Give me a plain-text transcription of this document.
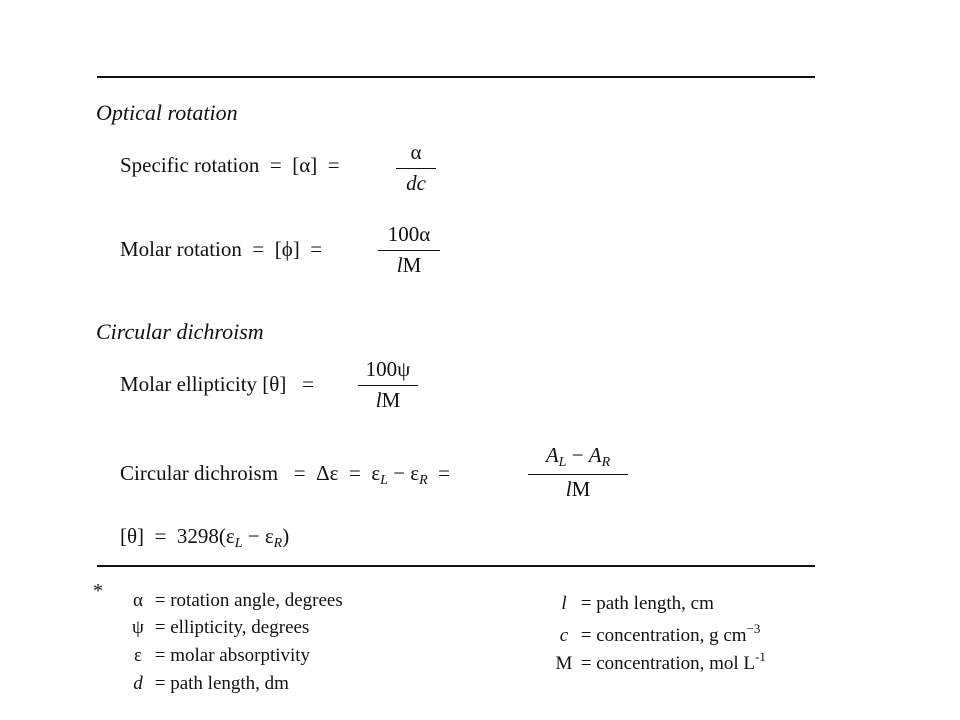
Optical rotation
Specific rotation  =  [α]  =
α
dc
Molar rotation  =  [ϕ]  =
100α
lM
Circular dichroism
Molar ellipticity [θ]   =
100ψ
lM
Circular dichroism   =  $\Delta\varepsilon = \varepsilon_L - \varepsilon_R$  =
$A_L - A_R$
lM
$[\theta] = 3298(\varepsilon_L - \varepsilon_R)$
*	α = rotation angle, degrees
ψ = ellipticity, degrees
ε = molar absorptivity
d = path length, dm
l = path length, cm
c = concentration, g $cm^{-3}$
M = concentration, mol $L^{-1}$
